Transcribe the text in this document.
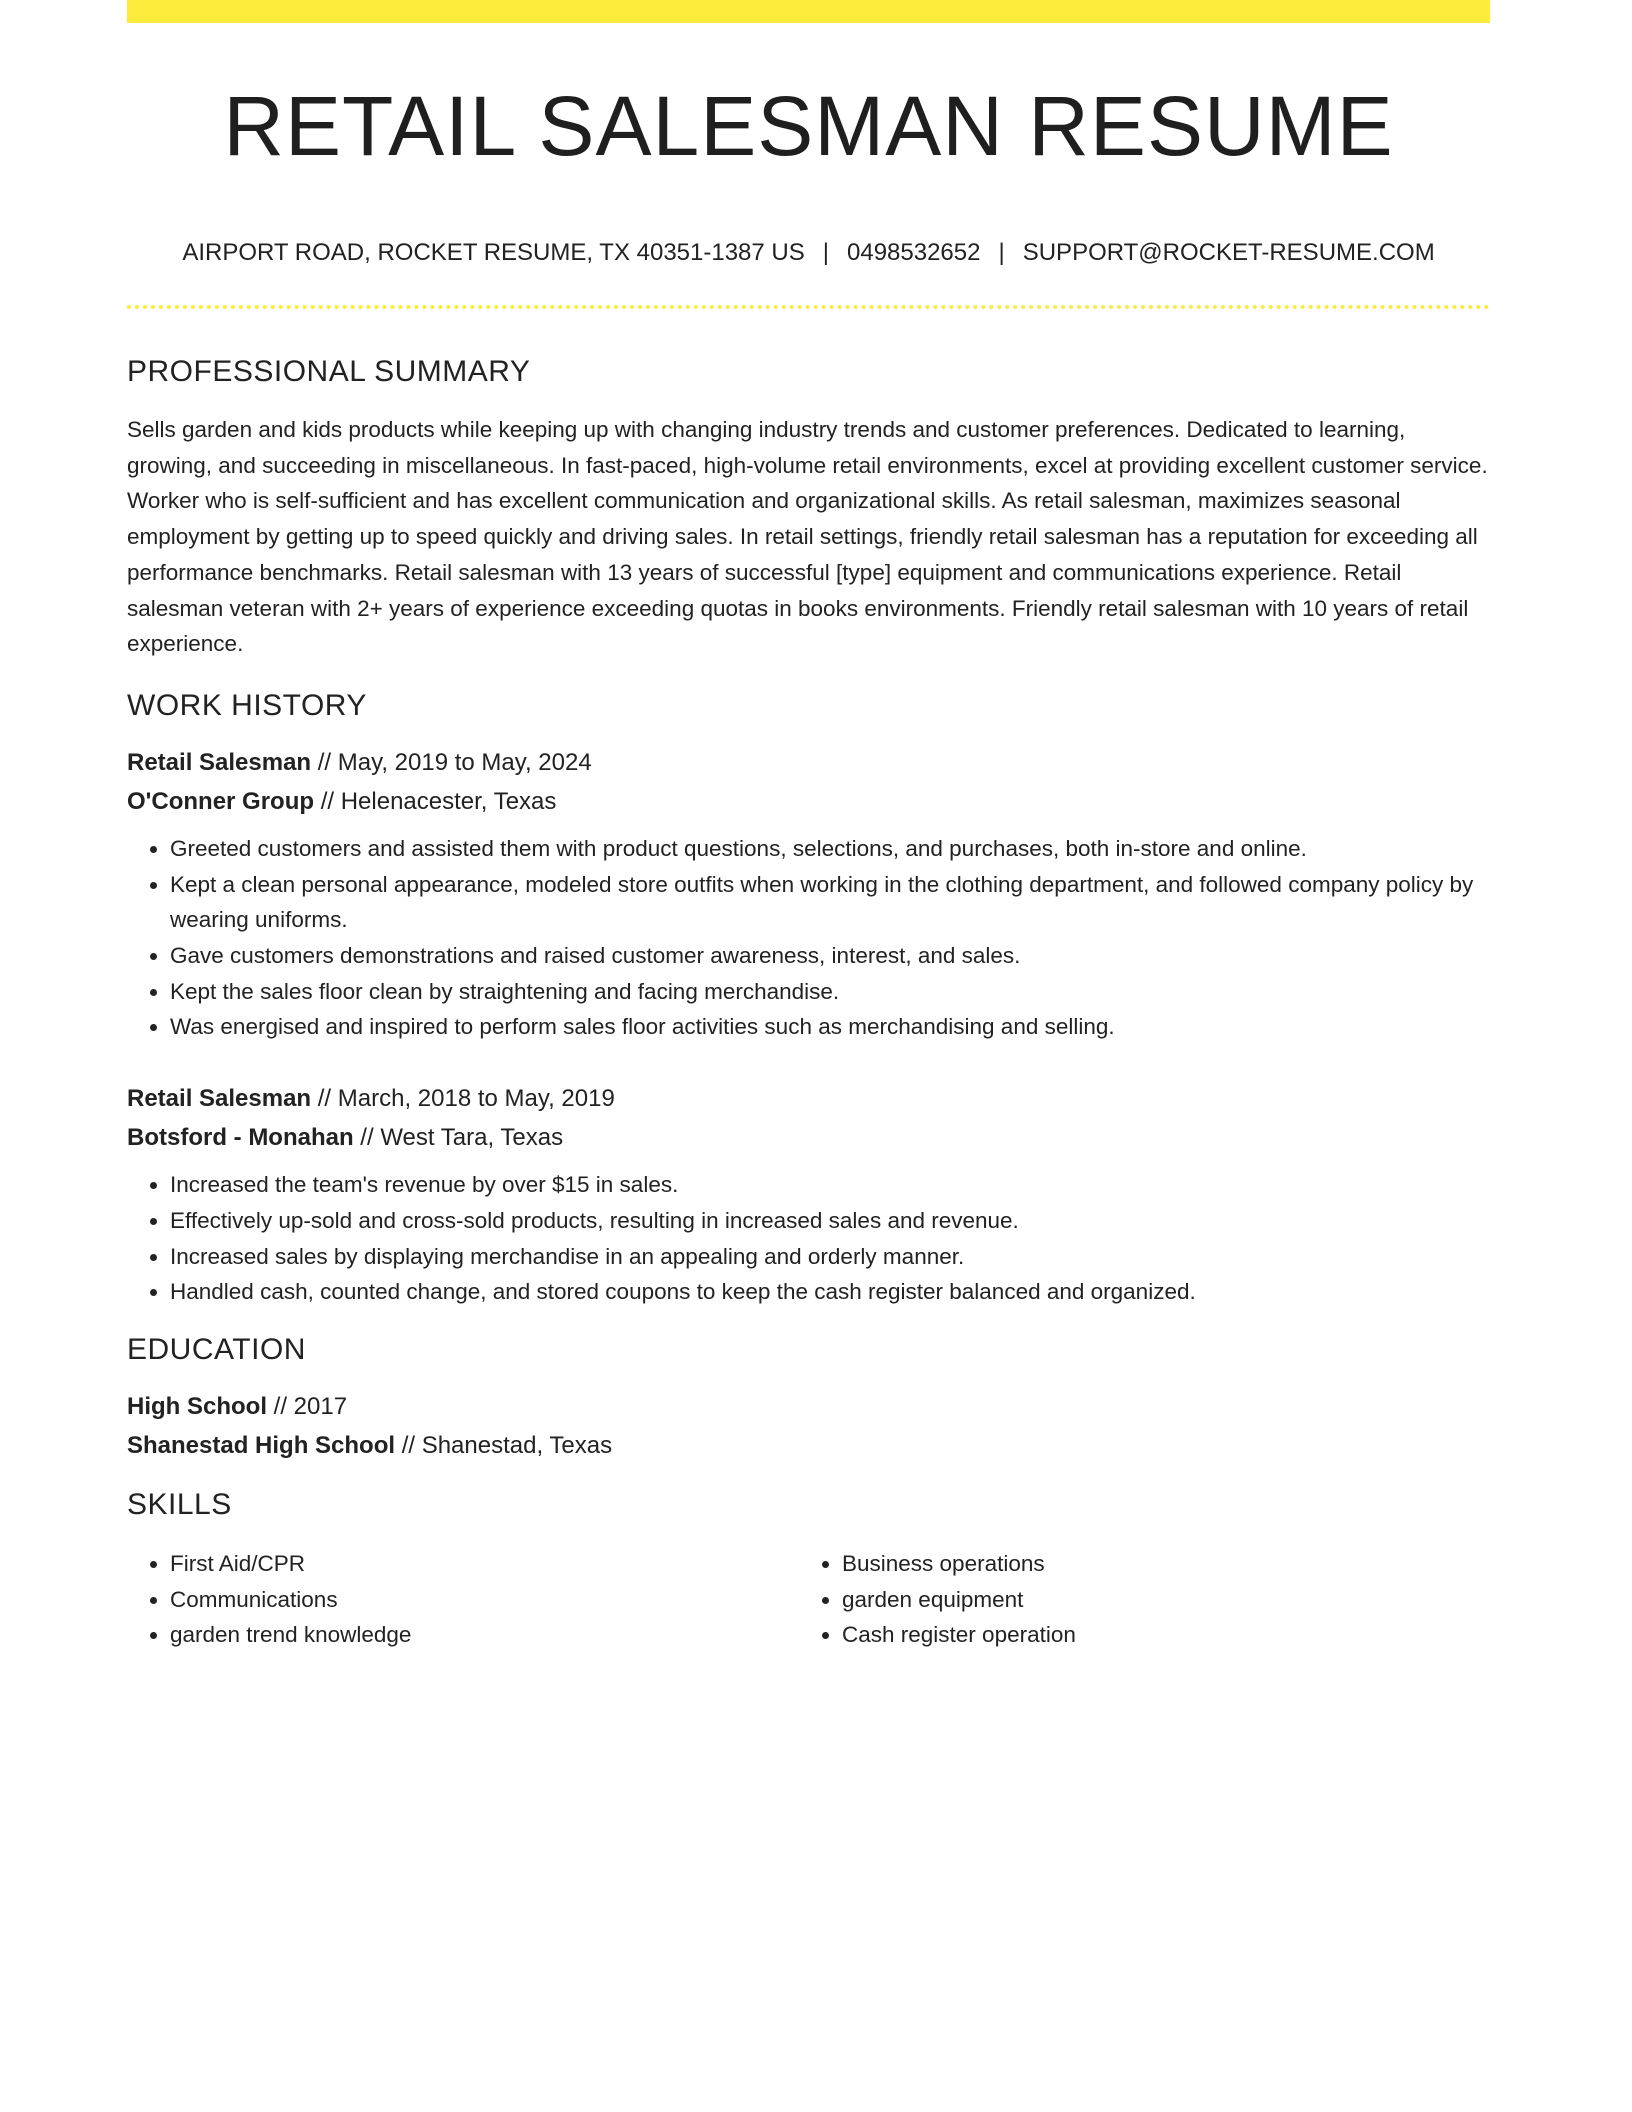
RETAIL SALESMAN RESUME
AIRPORT ROAD, ROCKET RESUME, TX 40351-1387 US | 0498532652 | SUPPORT@ROCKET-RESUME.COM
PROFESSIONAL SUMMARY
Sells garden and kids products while keeping up with changing industry trends and customer preferences. Dedicated to learning, growing, and succeeding in miscellaneous. In fast-paced, high-volume retail environments, excel at providing excellent customer service. Worker who is self-sufficient and has excellent communication and organizational skills. As retail salesman, maximizes seasonal employment by getting up to speed quickly and driving sales. In retail settings, friendly retail salesman has a reputation for exceeding all performance benchmarks. Retail salesman with 13 years of successful [type] equipment and communications experience. Retail salesman veteran with 2+ years of experience exceeding quotas in books environments. Friendly retail salesman with 10 years of retail experience.
WORK HISTORY
Retail Salesman // May, 2019 to May, 2024
O'Conner Group // Helenacester, Texas
• Greeted customers and assisted them with product questions, selections, and purchases, both in-store and online.
• Kept a clean personal appearance, modeled store outfits when working in the clothing department, and followed company policy by wearing uniforms.
• Gave customers demonstrations and raised customer awareness, interest, and sales.
• Kept the sales floor clean by straightening and facing merchandise.
• Was energised and inspired to perform sales floor activities such as merchandising and selling.
Retail Salesman // March, 2018 to May, 2019
Botsford - Monahan // West Tara, Texas
• Increased the team's revenue by over $15 in sales.
• Effectively up-sold and cross-sold products, resulting in increased sales and revenue.
• Increased sales by displaying merchandise in an appealing and orderly manner.
• Handled cash, counted change, and stored coupons to keep the cash register balanced and organized.
EDUCATION
High School // 2017
Shanestad High School // Shanestad, Texas
SKILLS
• First Aid/CPR
• Communications
• garden trend knowledge
• Business operations
• garden equipment
• Cash register operation
